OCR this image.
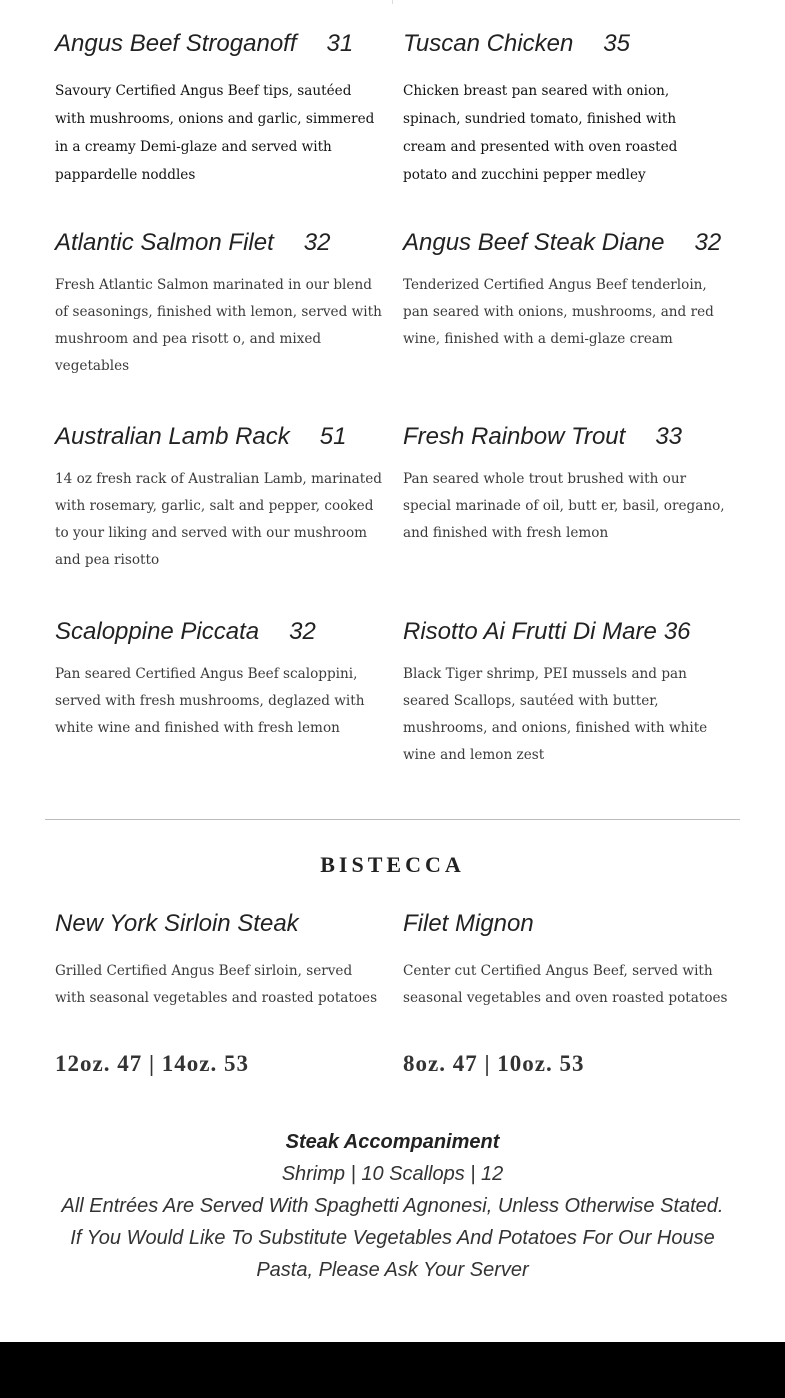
Angus Beef Stroganoff 31
Savoury Certified Angus Beef tips, sautéed with mushrooms, onions and garlic, simmered in a creamy Demi-glaze and served with pappardelle noddles
Tuscan Chicken 35
Chicken breast pan seared with onion, spinach, sundried tomato, finished with cream and presented with oven roasted potato and zucchini pepper medley
Atlantic Salmon Filet 32
Fresh Atlantic Salmon marinated in our blend of seasonings, finished with lemon, served with mushroom and pea risott o, and mixed vegetables
Angus Beef Steak Diane 32
Tenderized Certified Angus Beef tenderloin, pan seared with onions, mushrooms, and red wine, finished with a demi-glaze cream
Australian Lamb Rack 51
14 oz fresh rack of Australian Lamb, marinated with rosemary, garlic, salt and pepper, cooked to your liking and served with our mushroom and pea risotto
Fresh Rainbow Trout 33
Pan seared whole trout brushed with our special marinade of oil, butt er, basil, oregano, and finished with fresh lemon
Scaloppine Piccata 32
Pan seared Certified Angus Beef scaloppini, served with fresh mushrooms, deglazed with white wine and finished with fresh lemon
Risotto Ai Frutti Di Mare 36
Black Tiger shrimp, PEI mussels and pan seared Scallops, sautéed with butter, mushrooms, and onions, finished with white wine and lemon zest
BISTECCA
New York Sirloin Steak
Grilled Certified Angus Beef sirloin, served with seasonal vegetables and roasted potatoes
12oz. 47 | 14oz. 53
Filet Mignon
Center cut Certified Angus Beef, served with seasonal vegetables and oven roasted potatoes
8oz. 47 | 10oz. 53
Steak Accompaniment
Shrimp | 10 Scallops | 12
All Entrées Are Served With Spaghetti Agnonesi, Unless Otherwise Stated.
If You Would Like To Substitute Vegetables And Potatoes For Our House
Pasta, Please Ask Your Server
